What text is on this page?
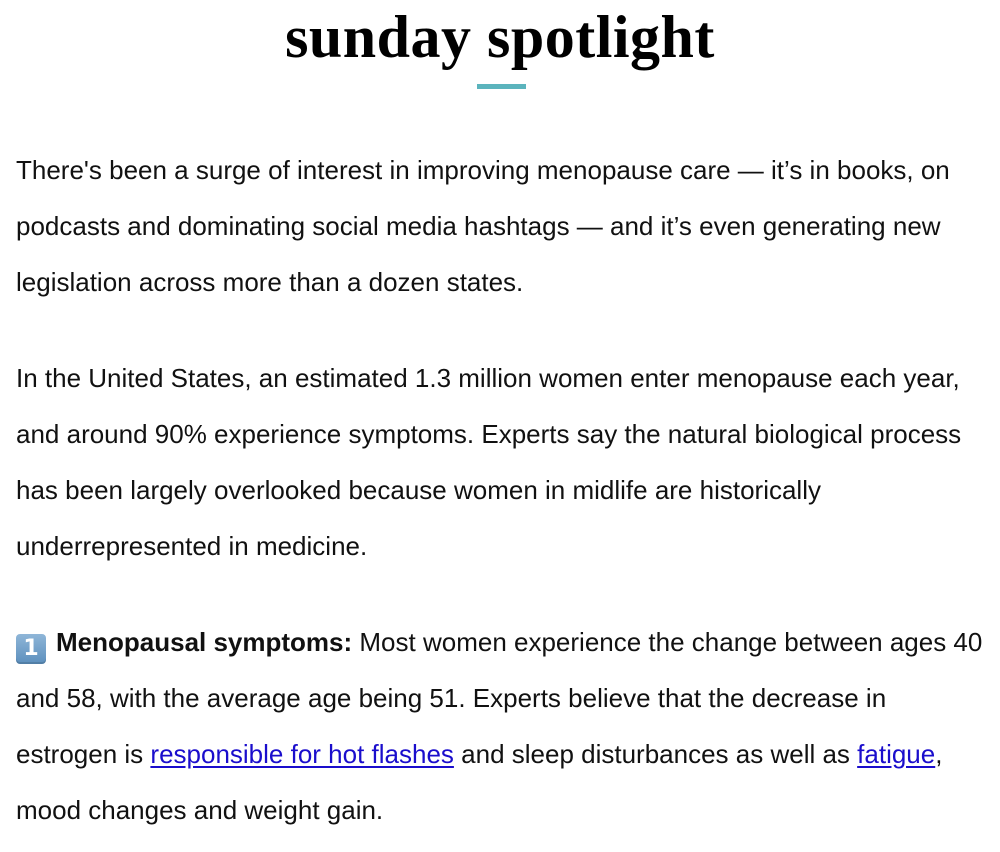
sunday spotlight

There's been a surge of interest in improving menopause care — it’s in books, on podcasts and dominating social media hashtags — and it’s even generating new legislation across more than a dozen states.

In the United States, an estimated 1.3 million women enter menopause each year, and around 90% experience symptoms. Experts say the natural biological process has been largely overlooked because women in midlife are historically underrepresented in medicine.

1 Menopausal symptoms: Most women experience the change between ages 40 and 58, with the average age being 51. Experts believe that the decrease in estrogen is responsible for hot flashes and sleep disturbances as well as fatigue, mood changes and weight gain.
